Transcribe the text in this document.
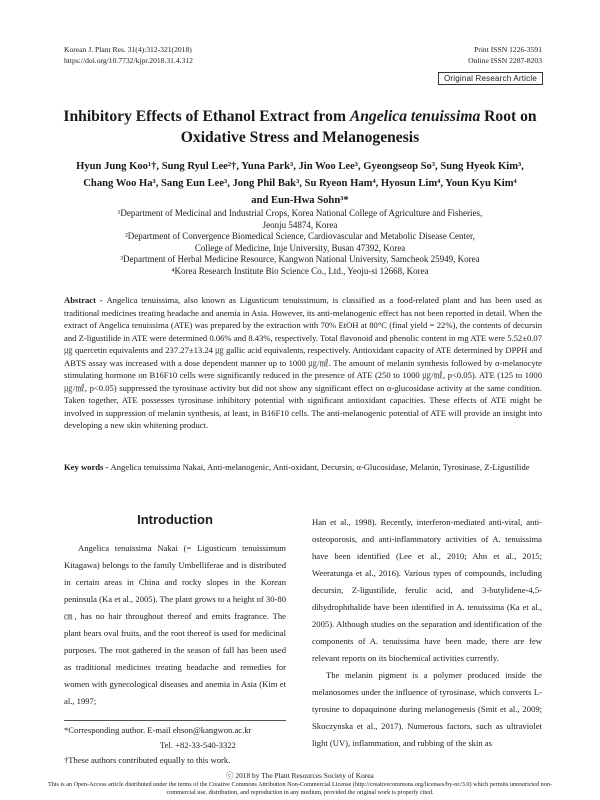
Korean J. Plant Res. 31(4):312-321(2018)
https://doi.org/10.7732/kjpr.2018.31.4.312
Print ISSN 1226-3591
Online ISSN 2287-8203
Original Research Article
Inhibitory Effects of Ethanol Extract from Angelica tenuissima Root on Oxidative Stress and Melanogenesis
Hyun Jung Koo¹†, Sung Ryul Lee²†, Yuna Park³, Jin Woo Lee³, Gyeongseop So³, Sung Hyeok Kim³,
Chang Woo Ha³, Sang Eun Lee³, Jong Phil Bak³, Su Ryeon Ham⁴, Hyosun Lim⁴, Youn Kyu Kim⁴
and Eun-Hwa Sohn³*
¹Department of Medicinal and Industrial Crops, Korea National College of Agriculture and Fisheries,
Jeonju 54874, Korea
²Department of Convergence Biomedical Science, Cardiovascular and Metabolic Disease Center,
College of Medicine, Inje University, Busan 47392, Korea
³Department of Herbal Medicine Resource, Kangwon National University, Samcheok 25949, Korea
⁴Korea Research Institute Bio Science Co., Ltd., Yeoju-si 12668, Korea
Abstract - Angelica tenuissima, also known as Ligusticum tenuissimum, is classified as a food-related plant and has been used as traditional medicines treating headache and anemia in Asia. However, its anti-melanogenic effect has not been reported in detail. When the extract of Angelica tenuissima (ATE) was prepared by the extraction with 70% EtOH at 80°C (final yield = 22%), the contents of decursin and Z-ligustilide in ATE were determined 0.06% and 8.43%, respectively. Total flavonoid and phenolic content in mg ATE were 5.52±0.07 ㎍ quercetin equivalents and 237.27±13.24 ㎍ gallic acid equivalents, respectively. Antioxidant capacity of ATE determined by DPPH and ABTS assay was increased with a dose dependent manner up to 1000 ㎍/㎖. The amount of melanin synthesis followed by α-melanocyte stimulating hormone on B16F10 cells were significantly reduced in the presence of ATE (250 to 1000 ㎍/㎖, p<0.05). ATE (125 to 1000 ㎍/㎖, p<0.05) suppressed the tyrosinase activity but did not show any significant effect on α-glucosidase activity at the same condition. Taken together, ATE possesses tyrosinase inhibitory potential with significant antioxidant capacities. These effects of ATE might be involved in suppression of melanin synthesis, at least, in B16F10 cells. The anti-melanogenic potential of ATE will provide an insight into developing a new skin whitening product.
Key words - Angelica tenuissima Nakai, Anti-melanogenic, Anti-oxidant, Decursin, α-Glucosidase, Melanin, Tyrosinase, Z-Ligustilide
Introduction

Angelica tenuissima Nakai (= Ligusticum tenuissimum Kitagawa) belongs to the family Umbelliferae and is distributed in certain areas in China and rocky slopes in the Korean peninsula (Ka et al., 2005). The plant grows to a height of 30-80 ㎝, has no hair throughout thereof and emits fragrance. The plant bears oval fruits, and the root thereof is used for medicinal purposes. The root gathered in the season of fall has been used as traditional medicines treating headache and remedies for women with gynecological diseases and anemia in Asia (Kim et al., 1997;

Han et al., 1998). Recently, interferon-mediated anti-viral, anti-osteoporosis, and anti-inflammatory activities of A. tenuissima have been identified (Lee et al., 2010; Ahn et al., 2015; Weeratunga et al., 2016). Various types of compounds, including decursin, Z-ligustilide, ferulic acid, and 3-butylidene-4,5-dihydrophthalide have been identified in A. tenuissima (Ka et al., 2005). Although studies on the separation and identification of the components of A. tenuissima have been made, there are few relevant reports on its biochemical activities currently.

The melanin pigment is a polymer produced inside the melanosomes under the influence of tyrosinase, which converts L-tyrosine to dopaquinone during melanogenesis (Smit et al., 2009; Skoczynska et al., 2017). Numerous factors, such as ultraviolet light (UV), inflammation, and rubbing of the skin as

*Corresponding author. E-mail ehson@kangwon.ac.kr
Tel. +82-33-540-3322
†These authors contributed equally to this work.
ⓒ 2018 by The Plant Resources Society of Korea
This is an Open-Access article distributed under the terms of the Creative Commons Attribution Non-Commercial License (http://creativecommons.org/licenses/by-nc/3.0) which permits unrestricted non-commercial use, distribution, and reproduction in any medium, provided the original work is properly cited.
